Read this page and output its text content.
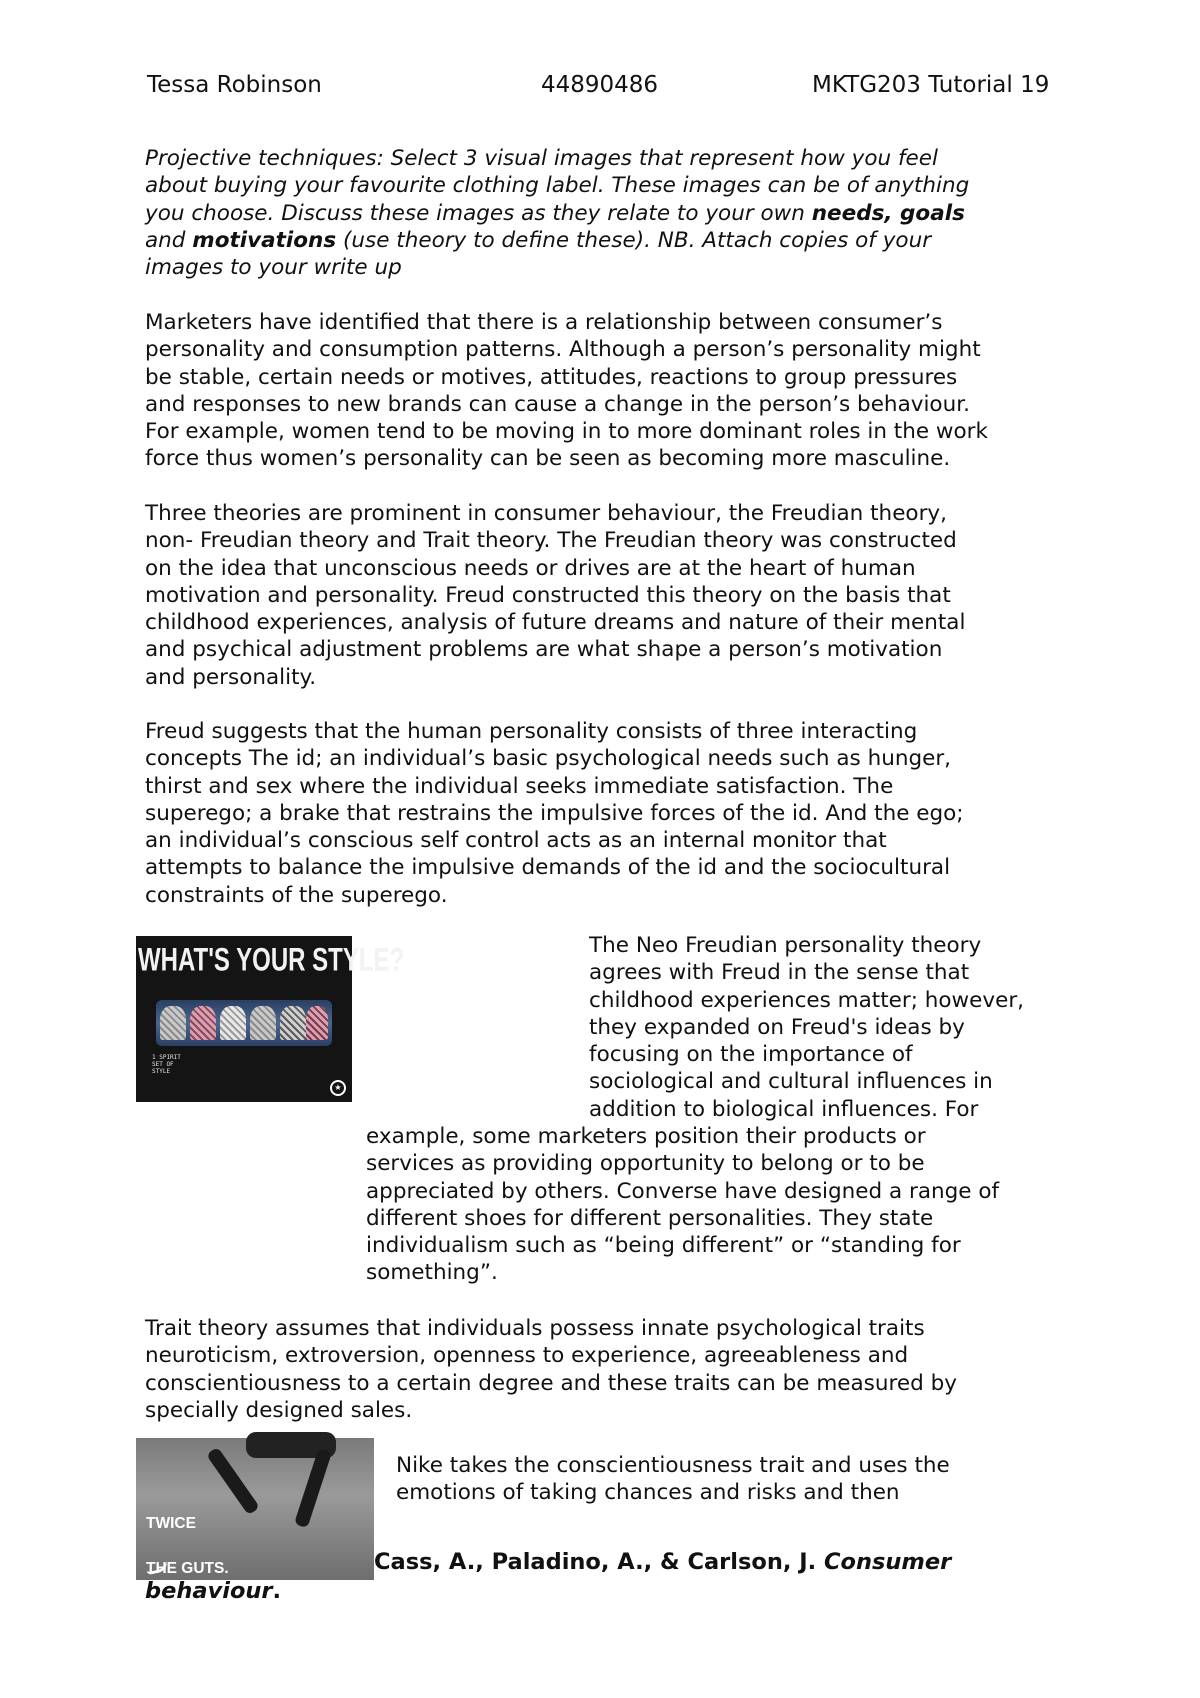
Tessa Robinson	44890486	MKTG203 Tutorial 19
Projective techniques: Select 3 visual images that represent how you feel
about buying your favourite clothing label. These images can be of anything
you choose. Discuss these images as they relate to your own needs, goals
and motivations (use theory to define these). NB. Attach copies of your
images to your write up
Marketers have identified that there is a relationship between consumer’s
personality and consumption patterns. Although a person’s personality might
be stable, certain needs or motives, attitudes, reactions to group pressures
and responses to new brands can cause a change in the person’s behaviour.
For example, women tend to be moving in to more dominant roles in the work
force thus women’s personality can be seen as becoming more masculine.
Three theories are prominent in consumer behaviour, the Freudian theory,
non- Freudian theory and Trait theory. The Freudian theory was constructed
on the idea that unconscious needs or drives are at the heart of human
motivation and personality. Freud constructed this theory on the basis that
childhood experiences, analysis of future dreams and nature of their mental
and psychical adjustment problems are what shape a person’s motivation
and personality.
Freud suggests that the human personality consists of three interacting
concepts The id; an individual’s basic psychological needs such as hunger,
thirst and sex where the individual seeks immediate satisfaction. The
superego; a brake that restrains the impulsive forces of the id. And the ego;
an individual’s conscious self control acts as an internal monitor that
attempts to balance the impulsive demands of the id and the sociocultural
constraints of the superego.
WHAT'S YOUR STYLE?
1 SPIRIT SET OF STYLE
★
The Neo Freudian personality theory
agrees with Freud in the sense that
childhood experiences matter; however,
they expanded on Freud's ideas by
focusing on the importance of
sociological and cultural influences in
addition to biological influences. For
example, some marketers position their products or
services as providing opportunity to belong or to be
appreciated by others. Converse have designed a range of
different shoes for different personalities. They state
individualism such as “being different” or “standing for
something”.
Trait theory assumes that individuals possess innate psychological traits
neuroticism, extroversion, openness to experience, agreeableness and
conscientiousness to a certain degree and these traits can be measured by
specially designed sales.

TWICE

THE GUTS.

DOUBLE

THE GLORY.

Nike takes the conscientiousness trait and uses the
emotions of taking chances and risks and then
Cass, A., Paladino, A., & Carlson, J. Consumer
behaviour.
